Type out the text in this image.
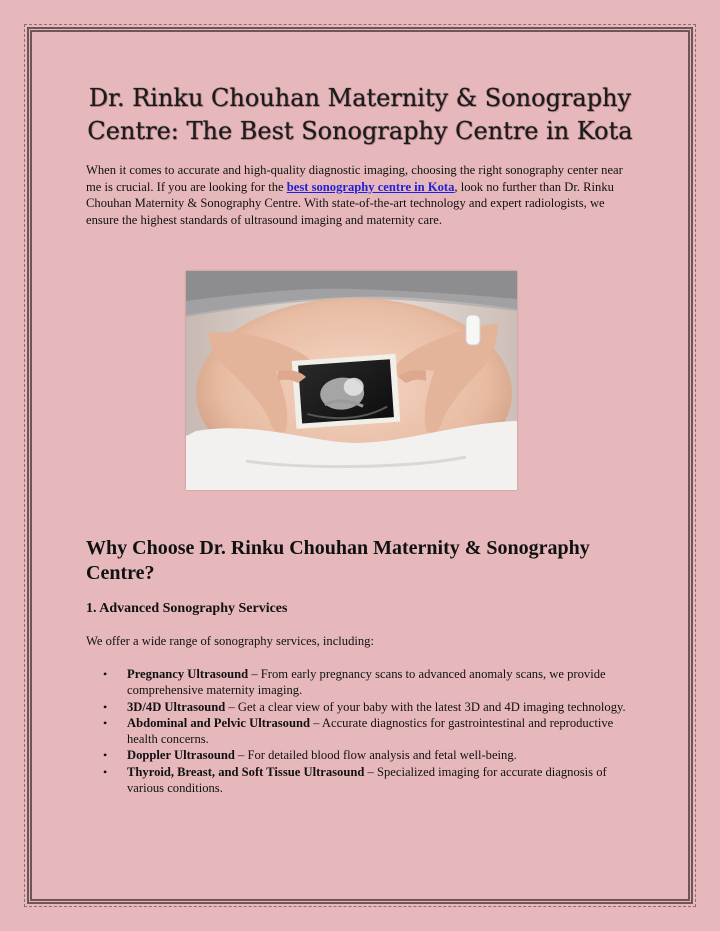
Dr. Rinku Chouhan Maternity & Sonography
Centre: The Best Sonography Centre in Kota

When it comes to accurate and high-quality diagnostic imaging, choosing the right sonography center near me is crucial. If you are looking for the best sonography centre in Kota, look no further than Dr. Rinku Chouhan Maternity & Sonography Centre. With state-of-the-art technology and expert radiologists, we ensure the highest standards of ultrasound imaging and maternity care.

Why Choose Dr. Rinku Chouhan Maternity & Sonography Centre?
1. Advanced Sonography Services

We offer a wide range of sonography services, including:

• Pregnancy Ultrasound – From early pregnancy scans to advanced anomaly scans, we provide comprehensive maternity imaging.
• 3D/4D Ultrasound – Get a clear view of your baby with the latest 3D and 4D imaging technology.
• Abdominal and Pelvic Ultrasound – Accurate diagnostics for gastrointestinal and reproductive health concerns.
• Doppler Ultrasound – For detailed blood flow analysis and fetal well-being.
• Thyroid, Breast, and Soft Tissue Ultrasound – Specialized imaging for accurate diagnosis of various conditions.
